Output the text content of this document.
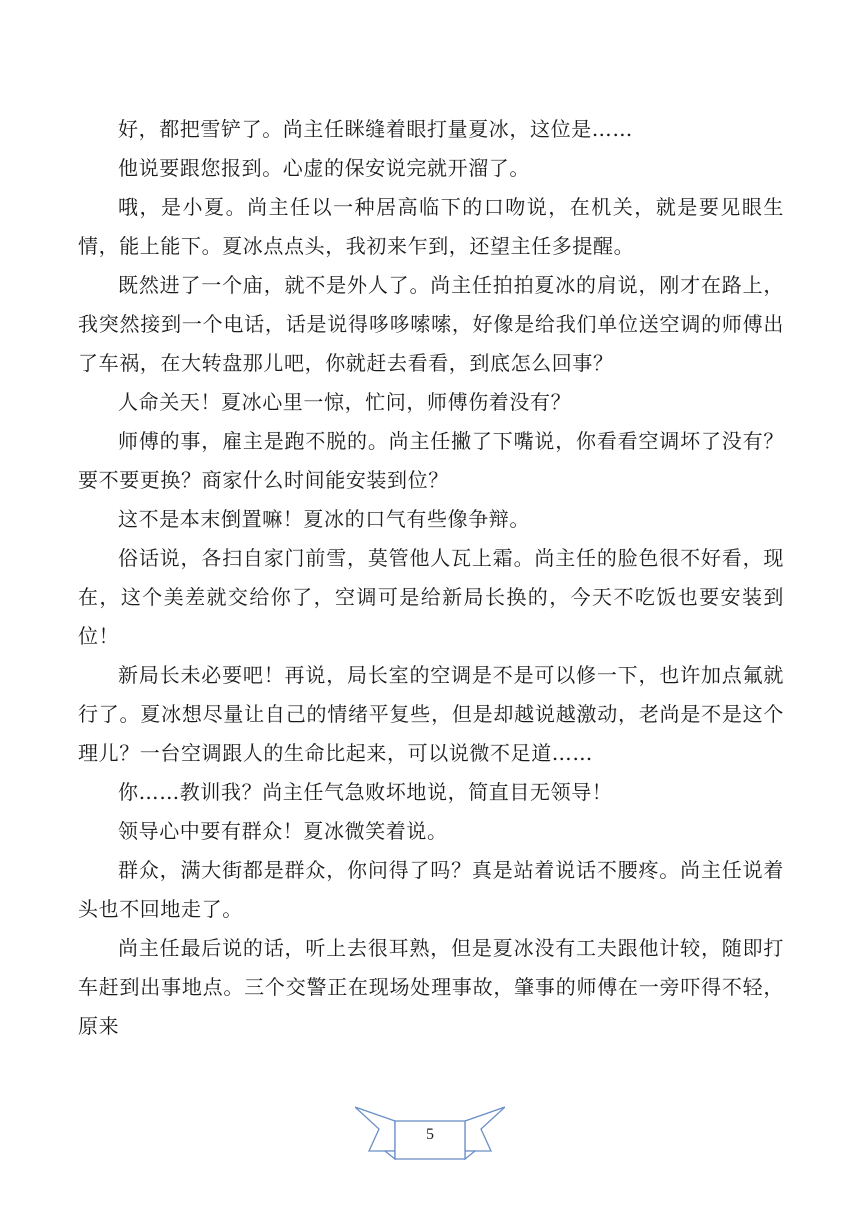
好，都把雪铲了。尚主任眯缝着眼打量夏冰，这位是……

他说要跟您报到。心虚的保安说完就开溜了。

哦，是小夏。尚主任以一种居高临下的口吻说，在机关，就是要见眼生情，能上能下。夏冰点点头，我初来乍到，还望主任多提醒。

既然进了一个庙，就不是外人了。尚主任拍拍夏冰的肩说，刚才在路上，我突然接到一个电话，话是说得哆哆嗦嗦，好像是给我们单位送空调的师傅出了车祸，在大转盘那儿吧，你就赶去看看，到底怎么回事？

人命关天！夏冰心里一惊，忙问，师傅伤着没有？

师傅的事，雇主是跑不脱的。尚主任撇了下嘴说，你看看空调坏了没有？要不要更换？商家什么时间能安装到位？

这不是本末倒置嘛！夏冰的口气有些像争辩。

俗话说，各扫自家门前雪，莫管他人瓦上霜。尚主任的脸色很不好看，现在，这个美差就交给你了，空调可是给新局长换的，今天不吃饭也要安装到位！

新局长未必要吧！再说，局长室的空调是不是可以修一下，也许加点氟就行了。夏冰想尽量让自己的情绪平复些，但是却越说越激动，老尚是不是这个理儿？一台空调跟人的生命比起来，可以说微不足道……

你……教训我？尚主任气急败坏地说，简直目无领导！

领导心中要有群众！夏冰微笑着说。

群众，满大街都是群众，你问得了吗？真是站着说话不腰疼。尚主任说着头也不回地走了。

尚主任最后说的话，听上去很耳熟，但是夏冰没有工夫跟他计较，随即打车赶到出事地点。三个交警正在现场处理事故，肇事的师傅在一旁吓得不轻，原来

5
